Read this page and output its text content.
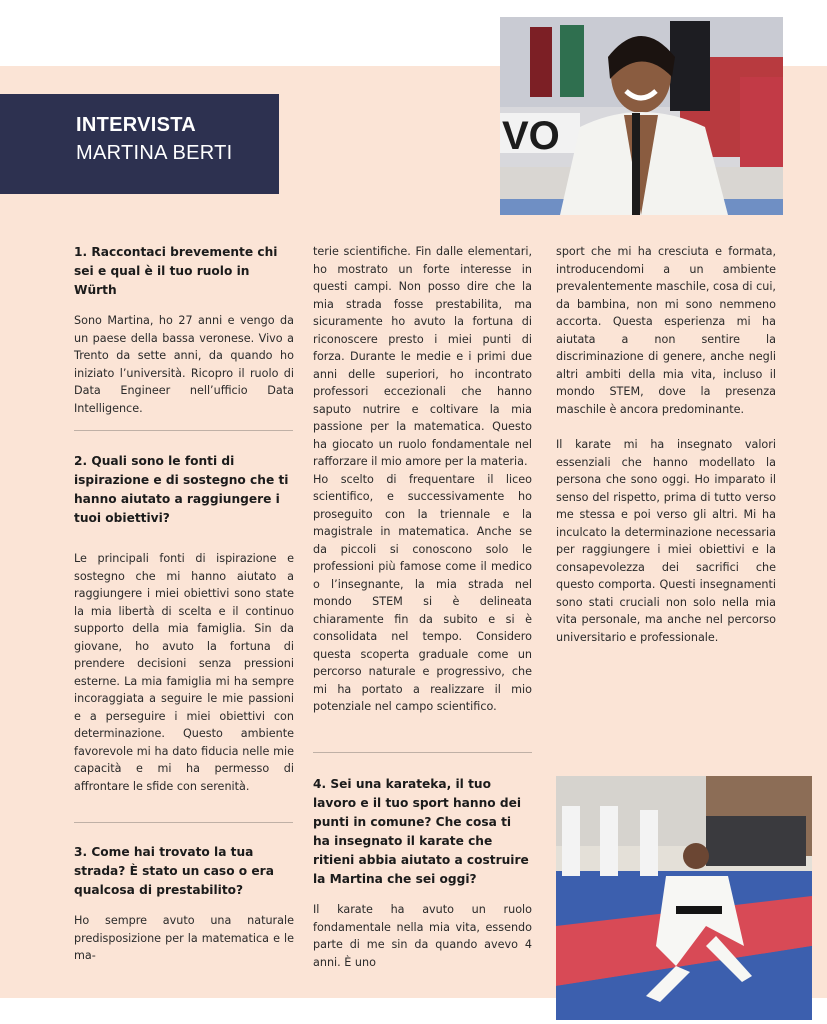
INTERVISTA
MARTINA BERTI	VO

1. Raccontaci brevemente chi sei e qual è il tuo ruolo in Würth

Sono Martina, ho 27 anni e vengo da un paese della bassa veronese. Vivo a Trento da sette anni, da quando ho iniziato l’università. Ricopro il ruolo di Data Engineer nell’ufficio Data Intelligence.

2. Quali sono le fonti di ispirazione e di sostegno che ti hanno aiutato a raggiungere i tuoi obiettivi?

Le principali fonti di ispirazione e sostegno che mi hanno aiutato a raggiungere i miei obiettivi sono state la mia libertà di scelta e il continuo supporto della mia famiglia. Sin da giovane, ho avuto la fortuna di prendere decisioni senza pressioni esterne. La mia famiglia mi ha sempre incoraggiata a seguire le mie passioni e a perseguire i miei obiettivi con determinazione. Questo ambiente favorevole mi ha dato fiducia nelle mie capacità e mi ha permesso di affrontare le sfide con serenità.

3. Come hai trovato la tua strada? È stato un caso o era qualcosa di prestabilito?

Ho sempre avuto una naturale predisposizione per la matematica e le ma-

terie scientifiche. Fin dalle elementari, ho mostrato un forte interesse in questi campi. Non posso dire che la mia strada fosse prestabilita, ma sicuramente ho avuto la fortuna di riconoscere presto i miei punti di forza. Durante le medie e i primi due anni delle superiori, ho incontrato professori eccezionali che hanno saputo nutrire e coltivare la mia passione per la matematica. Questo ha giocato un ruolo fondamentale nel rafforzare il mio amore per la materia.

Ho scelto di frequentare il liceo scientifico, e successivamente ho proseguito con la triennale e la magistrale in matematica. Anche se da piccoli si conoscono solo le professioni più famose come il medico o l’insegnante, la mia strada nel mondo STEM si è delineata chiaramente fin da subito e si è consolidata nel tempo. Considero questa scoperta graduale come un percorso naturale e progressivo, che mi ha portato a realizzare il mio potenziale nel campo scientifico.

4. Sei una karateka, il tuo lavoro e il tuo sport hanno dei punti in comune? Che cosa ti ha insegnato il karate che ritieni abbia aiutato a costruire la Martina che sei oggi?

Il karate ha avuto un ruolo fondamentale nella mia vita, essendo parte di me sin da quando avevo 4 anni. È uno

sport che mi ha cresciuta e formata, introducendomi a un ambiente prevalentemente maschile, cosa di cui, da bambina, non mi sono nemmeno accorta. Questa esperienza mi ha aiutata a non sentire la discriminazione di genere, anche negli altri ambiti della mia vita, incluso il mondo STEM, dove la presenza maschile è ancora predominante.

Il karate mi ha insegnato valori essenziali che hanno modellato la persona che sono oggi. Ho imparato il senso del rispetto, prima di tutto verso me stessa e poi verso gli altri. Mi ha inculcato la determinazione necessaria per raggiungere i miei obiettivi e la consapevolezza dei sacrifici che questo comporta. Questi insegnamenti sono stati cruciali non solo nella mia vita personale, ma anche nel percorso universitario e professionale.
